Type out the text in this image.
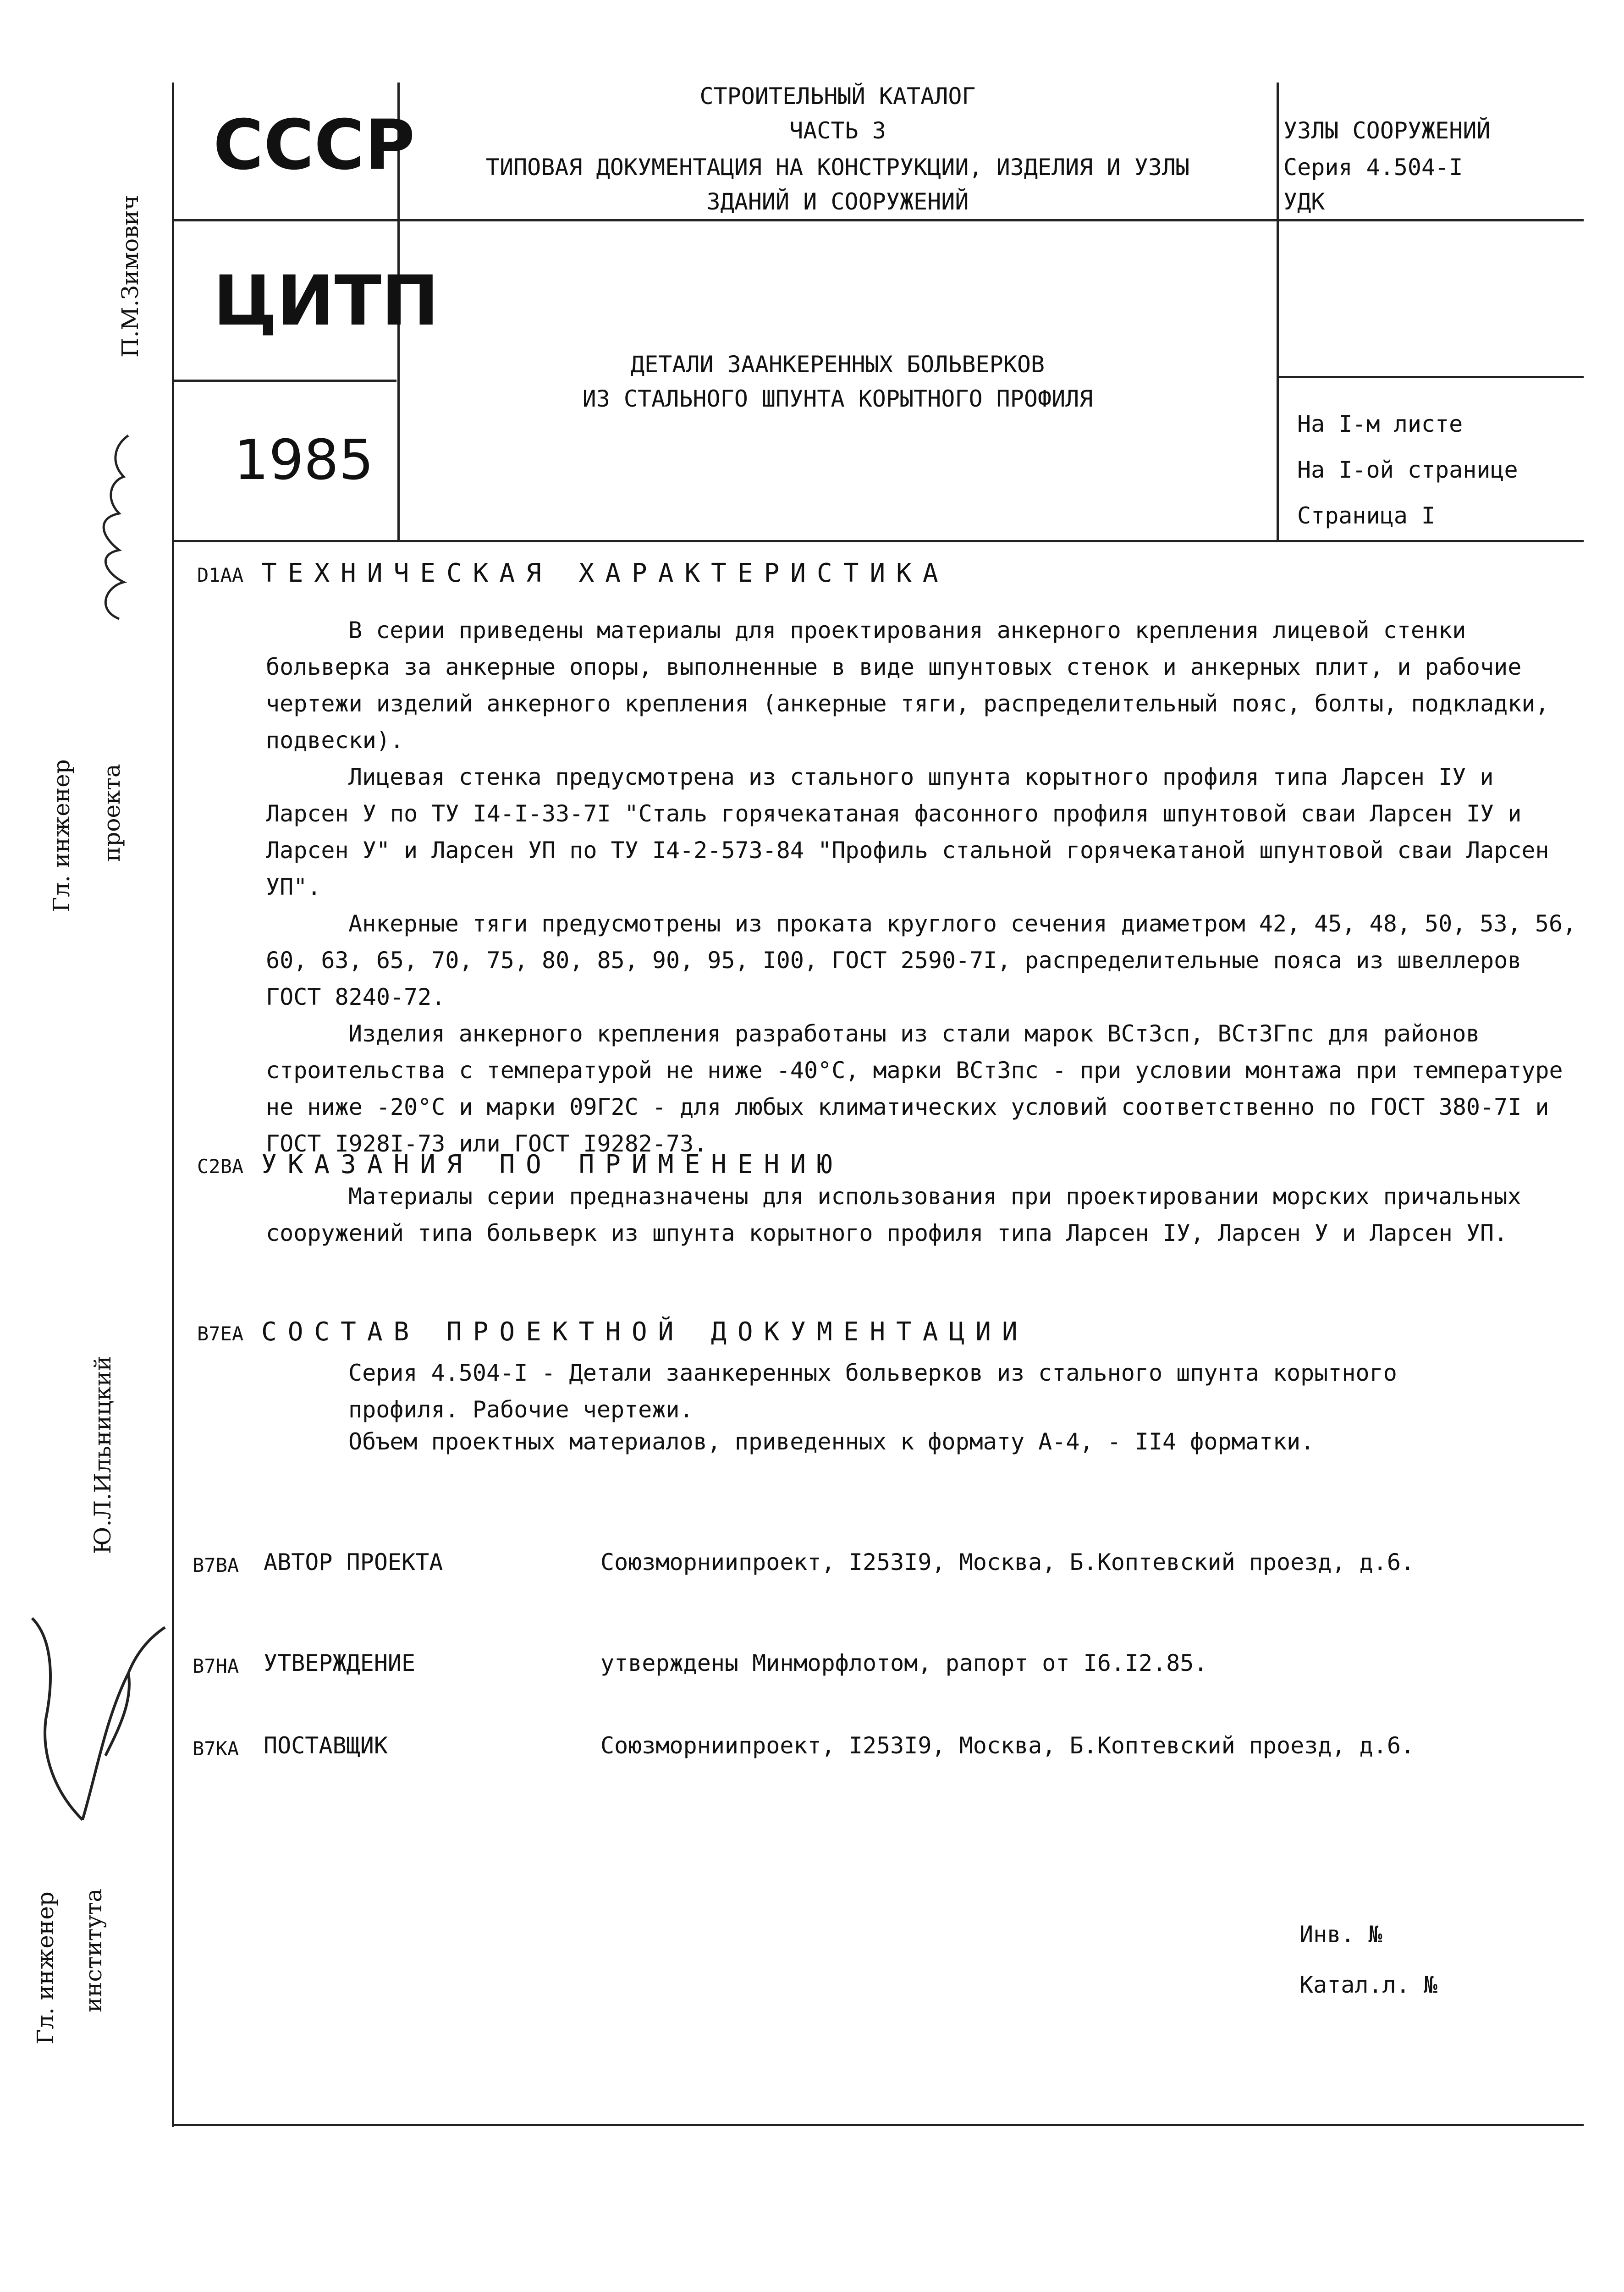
СССР
ЦИТП
1985
СТРОИТЕЛЬНЫЙ КАТАЛОГ
ЧАСТЬ 3
ТИПОВАЯ ДОКУМЕНТАЦИЯ НА КОНСТРУКЦИИ, ИЗДЕЛИЯ И УЗЛЫ
ЗДАНИЙ И СООРУЖЕНИЙ
УЗЛЫ СООРУЖЕНИЙ
Серия 4.504-I
УДК
ДЕТАЛИ ЗААНКЕРЕННЫХ БОЛЬВЕРКОВ
ИЗ СТАЛЬНОГО ШПУНТА КОРЫТНОГО ПРОФИЛЯ
На I-м листе
На I-ой странице
Страница I
П.М.Зимович
Гл. инженер проекта
Ю.Л.Ильницкий
Гл. инженер института
D1AA ТЕХНИЧЕСКАЯ ХАРАКТЕРИСТИКА

В серии приведены материалы для проектирования анкерного крепления лицевой стенки больверка за анкерные опоры, выполненные в виде шпунтовых стенок и анкерных плит, и рабочие чертежи изделий анкерного крепления (анкерные тяги, распределительный пояс, болты, подкладки, подвески).

Лицевая стенка предусмотрена из стального шпунта корытного профиля типа Ларсен IУ и Ларсен У по ТУ I4-I-33-7I "Сталь горячекатаная фасонного профиля шпунтовой сваи Ларсен IУ и Ларсен У" и Ларсен УП по ТУ I4-2-573-84 "Профиль стальной горячекатаной шпунтовой сваи Ларсен УП".

Анкерные тяги предусмотрены из проката круглого сечения диаметром 42, 45, 48, 50, 53, 56, 60, 63, 65, 70, 75, 80, 85, 90, 95, I00, ГОСТ 2590-7I, распределительные пояса из швеллеров ГОСТ 8240-72.

Изделия анкерного крепления разработаны из стали марок ВСт3сп, ВСт3Гпс для районов строительства с температурой не ниже -40°С, марки ВСт3пс - при условии монтажа при температуре не ниже -20°С и марки 09Г2С - для любых климатических условий соответственно по ГОСТ 380-7I и ГОСТ I928I-73 или ГОСТ I9282-73.

C2BA УКАЗАНИЯ ПО ПРИМЕНЕНИЮ

Материалы серии предназначены для использования при проектировании морских причальных сооружений типа больверк из шпунта корытного профиля типа Ларсен IУ, Ларсен У и Ларсен УП.

B7EA СОСТАВ ПРОЕКТНОЙ ДОКУМЕНТАЦИИ

Серия 4.504-I - Детали заанкеренных больверков из стального шпунта корытного профиля. Рабочие чертежи.

Объем проектных материалов, приведенных к формату А-4, - II4 форматки.
B7BA АВТОР ПРОЕКТА	Союзморниипроект, I253I9, Москва, Б.Коптевский проезд, д.6.
B7HA УТВЕРЖДЕНИЕ	утверждены Минморфлотом, рапорт от I6.I2.85.
B7KA ПОСТАВЩИК	Союзморниипроект, I253I9, Москва, Б.Коптевский проезд, д.6.
Инв. №
Катал.л. №
